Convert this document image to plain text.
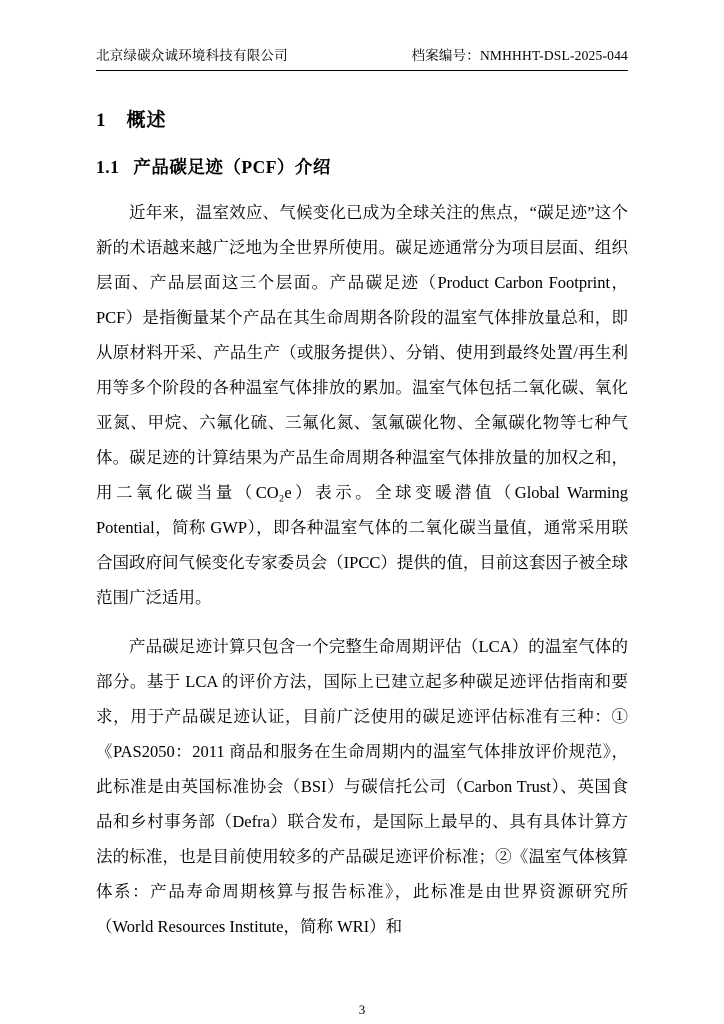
北京绿碳众诚环境科技有限公司	档案编号：NMHHHT-DSL-2025-044
1 概述
1.1 产品碳足迹（PCF）介绍

近年来，温室效应、气候变化已成为全球关注的焦点，“碳足迹”这个新的术语越来越广泛地为全世界所使用。碳足迹通常分为项目层面、组织层面、产品层面这三个层面。产品碳足迹（Product Carbon Footprint，PCF）是指衡量某个产品在其生命周期各阶段的温室气体排放量总和，即从原材料开采、产品生产（或服务提供）、分销、使用到最终处置/再生利用等多个阶段的各种温室气体排放的累加。温室气体包括二氧化碳、氧化亚氮、甲烷、六氟化硫、三氟化氮、氢氟碳化物、全氟碳化物等七种气体。碳足迹的计算结果为产品生命周期各种温室气体排放量的加权之和，用二氧化碳当量（CO₂e）表示。全球变暖潜值（Global Warming Potential，简称 GWP），即各种温室气体的二氧化碳当量值，通常采用联合国政府间气候变化专家委员会（IPCC）提供的值，目前这套因子被全球范围广泛适用。

产品碳足迹计算只包含一个完整生命周期评估（LCA）的温室气体的部分。基于 LCA 的评价方法，国际上已建立起多种碳足迹评估指南和要求，用于产品碳足迹认证，目前广泛使用的碳足迹评估标准有三种：①《PAS2050：2011 商品和服务在生命周期内的温室气体排放评价规范》，此标准是由英国标准协会（BSI）与碳信托公司（Carbon Trust）、英国食品和乡村事务部（Defra）联合发布，是国际上最早的、具有具体计算方法的标准，也是目前使用较多的产品碳足迹评价标准；②《温室气体核算体系：产品寿命周期核算与报告标准》，此标准是由世界资源研究所（World Resources Institute，简称 WRI）和

3
